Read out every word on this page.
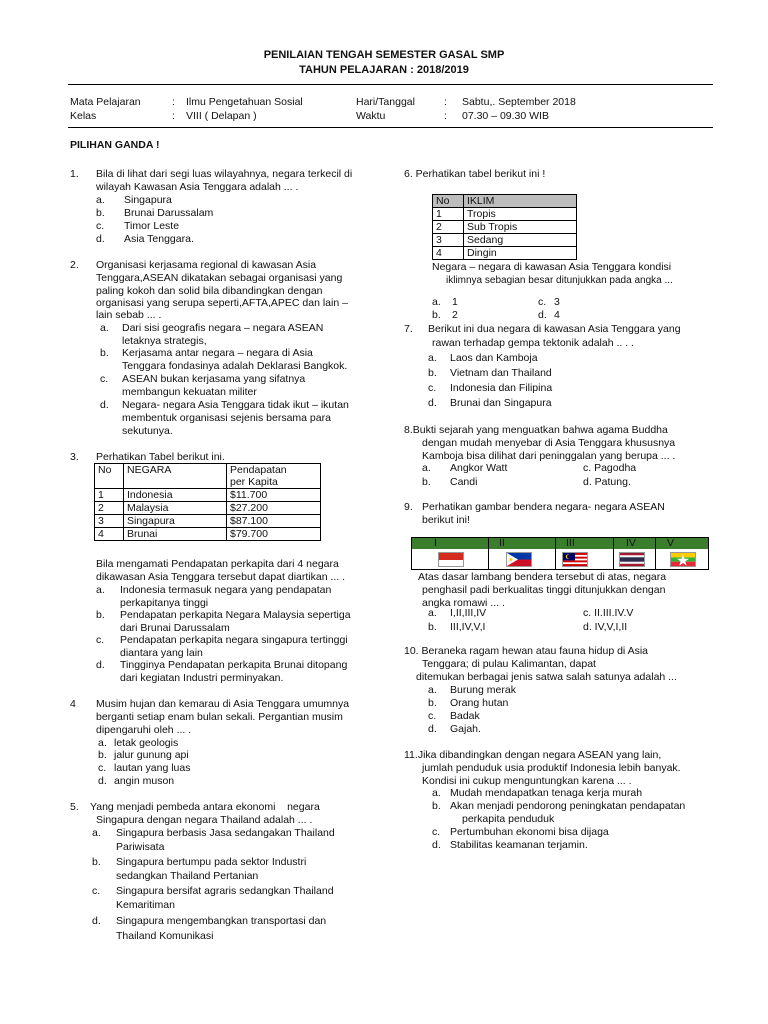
PENILAIAN TENGAH SEMESTER GASAL SMP
TAHUN PELAJARAN : 2018/2019
Mata Pelajaran	: Ilmu Pengetahuan Sosial	Hari/Tanggal	: Sabtu,. September 2018
Kelas	: VIII ( Delapan )	Waktu	: 07.30 – 09.30 WIB
PILIHAN GANDA !
1. Bila di lihat dari segi luas wilayahnya, negara terkecil di
wilayah Kawasan Asia Tenggara adalah ... .
a. Singapura
b. Brunai Darussalam
c. Timor Leste
d. Asia Tenggara.
2. Organisasi kerjasama regional di kawasan Asia
Tenggara,ASEAN dikatakan sebagai organisasi yang
paling kokoh dan solid bila dibandingkan dengan
organisasi yang serupa seperti,AFTA,APEC dan lain –
lain sebab ... .
a. Dari sisi geografis negara – negara ASEAN
letaknya strategis,
b. Kerjasama antar negara – negara di Asia
Tenggara fondasinya adalah Deklarasi Bangkok.
c. ASEAN bukan kerjasama yang sifatnya
membangun kekuatan militer
d. Negara- negara Asia Tenggara tidak ikut – ikutan
membentuk organisasi sejenis bersama para
sekutunya.
3. Perhatikan Tabel berikut ini.
No	NEGARA	Pendapatan
per Kapita
1	Indonesia	$11.700
2	Malaysia	$27.200
3	Singapura	$87.100
4	Brunai	$79.700
Bila mengamati Pendapatan perkapita dari 4 negara
dikawasan Asia Tenggara tersebut dapat diartikan ... .
a. Indonesia termasuk negara yang pendapatan
perkapitanya tinggi
b. Pendapatan perkapita Negara Malaysia sepertiga
dari Brunai Darussalam
c. Pendapatan perkapita negara singapura tertinggi
diantara yang lain
d. Tingginya Pendapatan perkapita Brunai ditopang
dari kegiatan Industri perminyakan.
4 Musim hujan dan kemarau di Asia Tenggara umumnya
berganti setiap enam bulan sekali. Pergantian musim
dipengaruhi oleh ... .
a. letak geologis
b. jalur gunung api
c. lautan yang luas
d. angin muson
5. Yang menjadi pembeda antara ekonomi    negara
Singapura dengan negara Thailand adalah ... .
a. Singapura berbasis Jasa sedangakan Thailand
Pariwisata
b. Singapura bertumpu pada sektor Industri
sedangkan Thailand Pertanian
c. Singapura bersifat agraris sedangkan Thailand
Kemaritiman
d. Singapura mengembangkan transportasi dan
Thailand Komunikasi
6. Perhatikan tabel berikut ini !
No	IKLIM
1	Tropis
2	Sub Tropis
3	Sedang
4	Dingin
Negara – negara di kawasan Asia Tenggara kondisi
iklimnya sebagian besar ditunjukkan pada angka ...
a. 1
b. 2
c. 3
d. 4
7. Berikut ini dua negara di kawasan Asia Tenggara yang
rawan terhadap gempa tektonik adalah .. . .
a. Laos dan Kamboja
b. Vietnam dan Thailand
c. Indonesia dan Filipina
d. Brunai dan Singapura
8.Bukti sejarah yang menguatkan bahwa agama Buddha
dengan mudah menyebar di Asia Tenggara khususnya
Kamboja bisa dilihat dari peninggalan yang berupa ... .
a. Angkor Watt
b. Candi
c. Pagodha
d. Patung.
9. Perhatikan gambar bendera negara- negara ASEAN
berikut ini!
I	II	III	IV	V
Atas dasar lambang bendera tersebut di atas, negara
penghasil padi berkualitas tinggi ditunjukkan dengan
angka romawi ... .
a. I,II,III,IV
b. III,IV,V,I
c. II.III.IV.V
d. IV,V,I,II
10. Beraneka ragam hewan atau fauna hidup di Asia
Tenggara; di pulau Kalimantan, dapat
ditemukan berbagai jenis satwa salah satunya adalah ...
a. Burung merak
b. Orang hutan
c. Badak
d. Gajah.
11.Jika dibandingkan dengan negara ASEAN yang lain,
jumlah penduduk usia produktif Indonesia lebih banyak.
Kondisi ini cukup menguntungkan karena ... .
a. Mudah mendapatkan tenaga kerja murah
b. Akan menjadi pendorong peningkatan pendapatan
perkapita penduduk
c. Pertumbuhan ekonomi bisa dijaga
d. Stabilitas keamanan terjamin.
